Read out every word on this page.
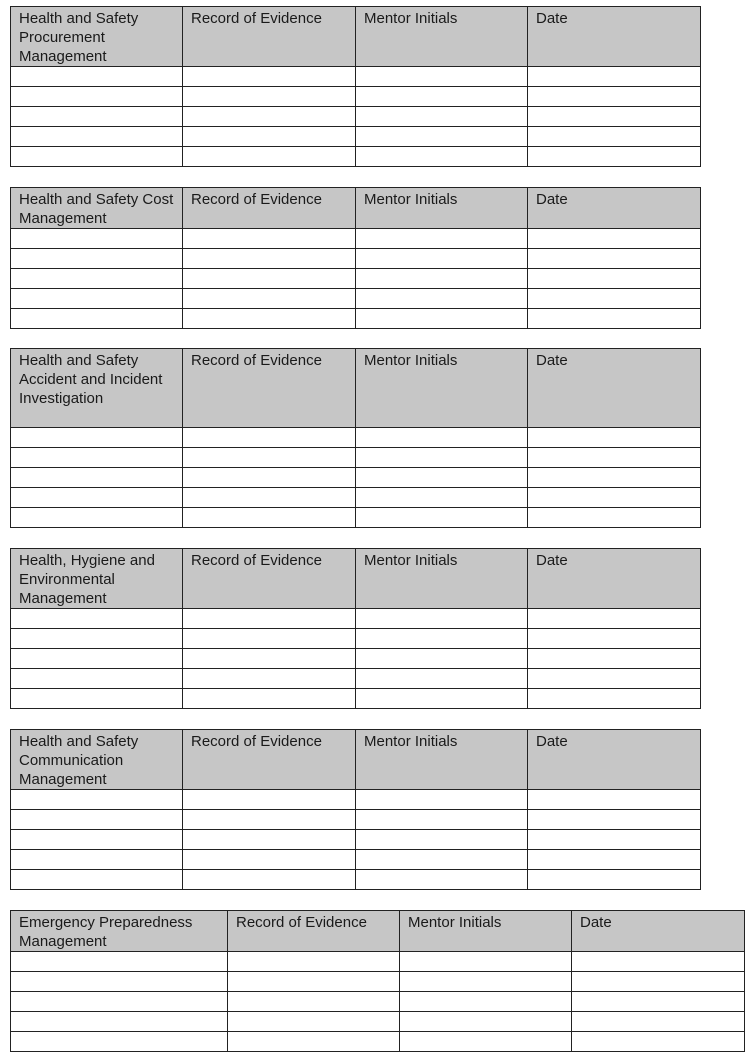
Health and Safety Procurement Management	Record of Evidence	Mentor Initials	Date

Health and Safety Cost Management	Record of Evidence	Mentor Initials	Date

Health and Safety Accident and Incident Investigation	Record of Evidence	Mentor Initials	Date

Health, Hygiene and Environmental Management	Record of Evidence	Mentor Initials	Date

Health and Safety Communication Management	Record of Evidence	Mentor Initials	Date

Emergency Preparedness Management	Record of Evidence	Mentor Initials	Date
